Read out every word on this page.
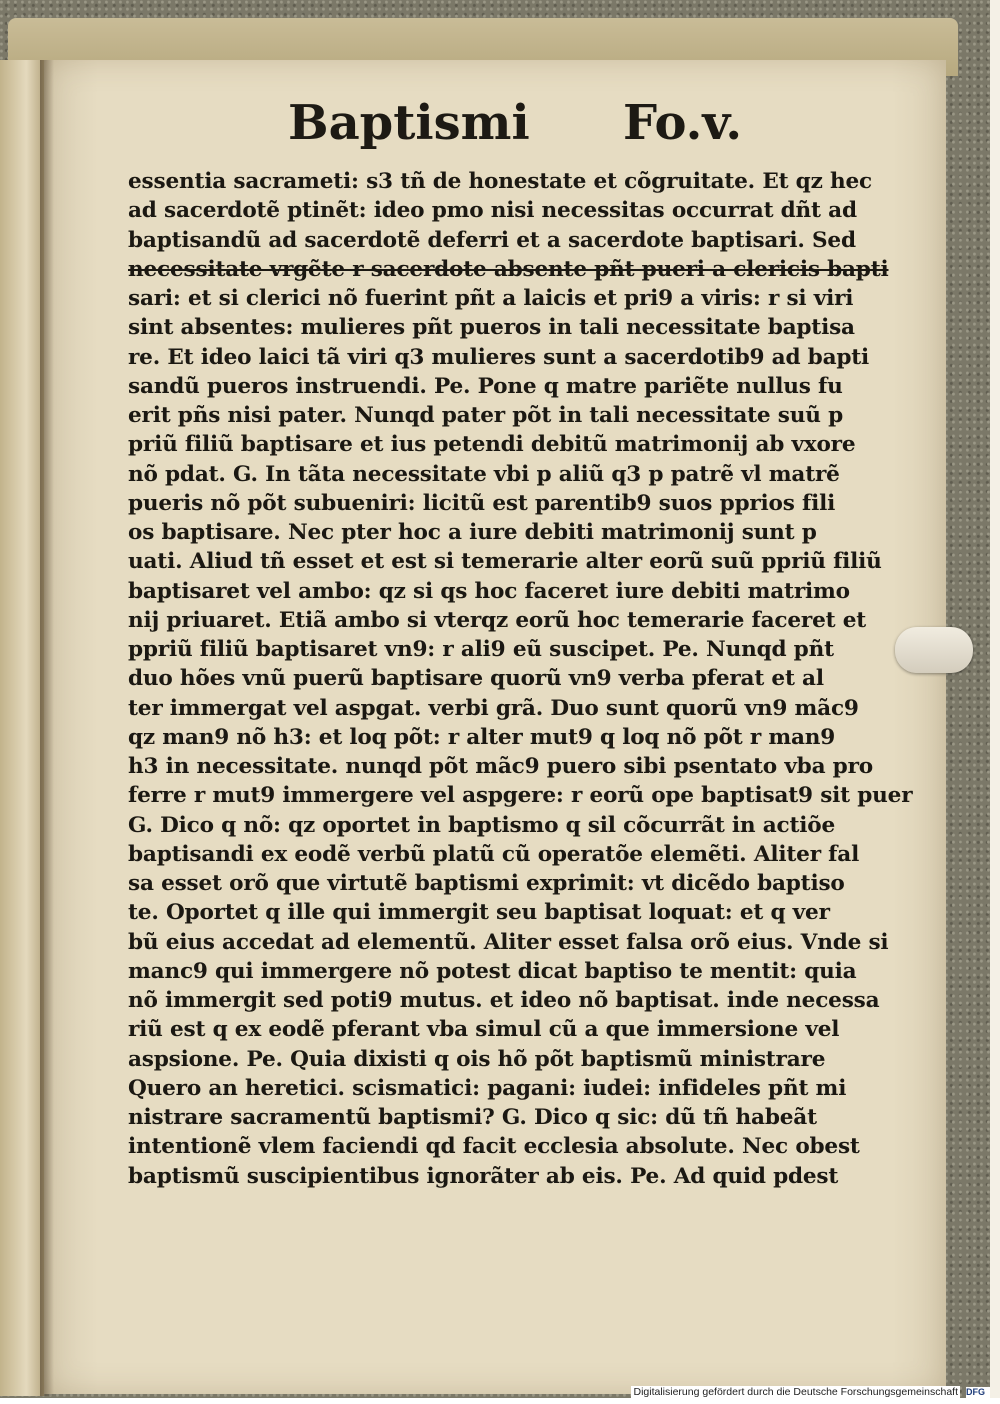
Baptismi Fo.v.
essentia sacrameti: s3 tñ de honestate et cõgruitate. Et qz hec
ad sacerdotẽ ptinẽt: ideo pmo nisi necessitas occurrat dñt ad
baptisandũ ad sacerdotẽ deferri et a sacerdote baptisari. Sed
necessitate vrgẽte r sacerdote absente pñt pueri a clericis bapti
sari: et si clerici nõ fuerint pñt a laicis et pri9 a viris: r si viri
sint absentes: mulieres pñt pueros in tali necessitate baptisa
re. Et ideo laici tã viri q3 mulieres sunt a sacerdotib9 ad bapti
sandũ pueros instruendi. Pe. Pone q matre pariẽte nullus fu
erit pñs nisi pater. Nunqd pater põt in tali necessitate suũ p
priũ filiũ baptisare et ius petendi debitũ matrimonij ab vxore
nõ pdat. G. In tãta necessitate vbi p aliũ q3 p patrẽ vl matrẽ
pueris nõ põt subueniri: licitũ est parentib9 suos pprios fili
os baptisare. Nec pter hoc a iure debiti matrimonij sunt p
uati. Aliud tñ esset et est si temerarie alter eorũ suũ ppriũ filiũ
baptisaret vel ambo: qz si qs hoc faceret iure debiti matrimo
nij priuaret. Etiã ambo si vterqz eorũ hoc temerarie faceret et
ppriũ filiũ baptisaret vn9: r ali9 eũ suscipet. Pe. Nunqd pñt
duo hões vnũ puerũ baptisare quorũ vn9 verba pferat et al
ter immergat vel aspgat. verbi grã. Duo sunt quorũ vn9 mãc9
qz man9 nõ h3: et loq põt: r alter mut9 q loq nõ põt r man9
h3 in necessitate. nunqd põt mãc9 puero sibi psentato vba pro
ferre r mut9 immergere vel aspgere: r eorũ ope baptisat9 sit puer
G. Dico q nõ: qz oportet in baptismo q sil cõcurrãt in actiõe
baptisandi ex eodẽ verbũ platũ cũ operatõe elemẽti. Aliter fal
sa esset orõ que virtutẽ baptismi exprimit: vt dicẽdo baptiso
te. Oportet q ille qui immergit seu baptisat loquat: et q ver
bũ eius accedat ad elementũ. Aliter esset falsa orõ eius. Vnde si
manc9 qui immergere nõ potest dicat baptiso te mentit: quia
nõ immergit sed poti9 mutus. et ideo nõ baptisat. inde necessa
riũ est q ex eodẽ pferant vba simul cũ a que immersione vel
aspsione. Pe. Quia dixisti q ois hõ põt baptismũ ministrare
Quero an heretici. scismatici: pagani: iudei: infideles pñt mi
nistrare sacramentũ baptismi? G. Dico q sic: dũ tñ habeãt
intentionẽ vlem faciendi qd facit ecclesia absolute. Nec obest
baptismũ suscipientibus ignorãter ab eis. Pe. Ad quid pdest
Digitalisierung gefördert durch die Deutsche Forschungsgemeinschaft DFG
